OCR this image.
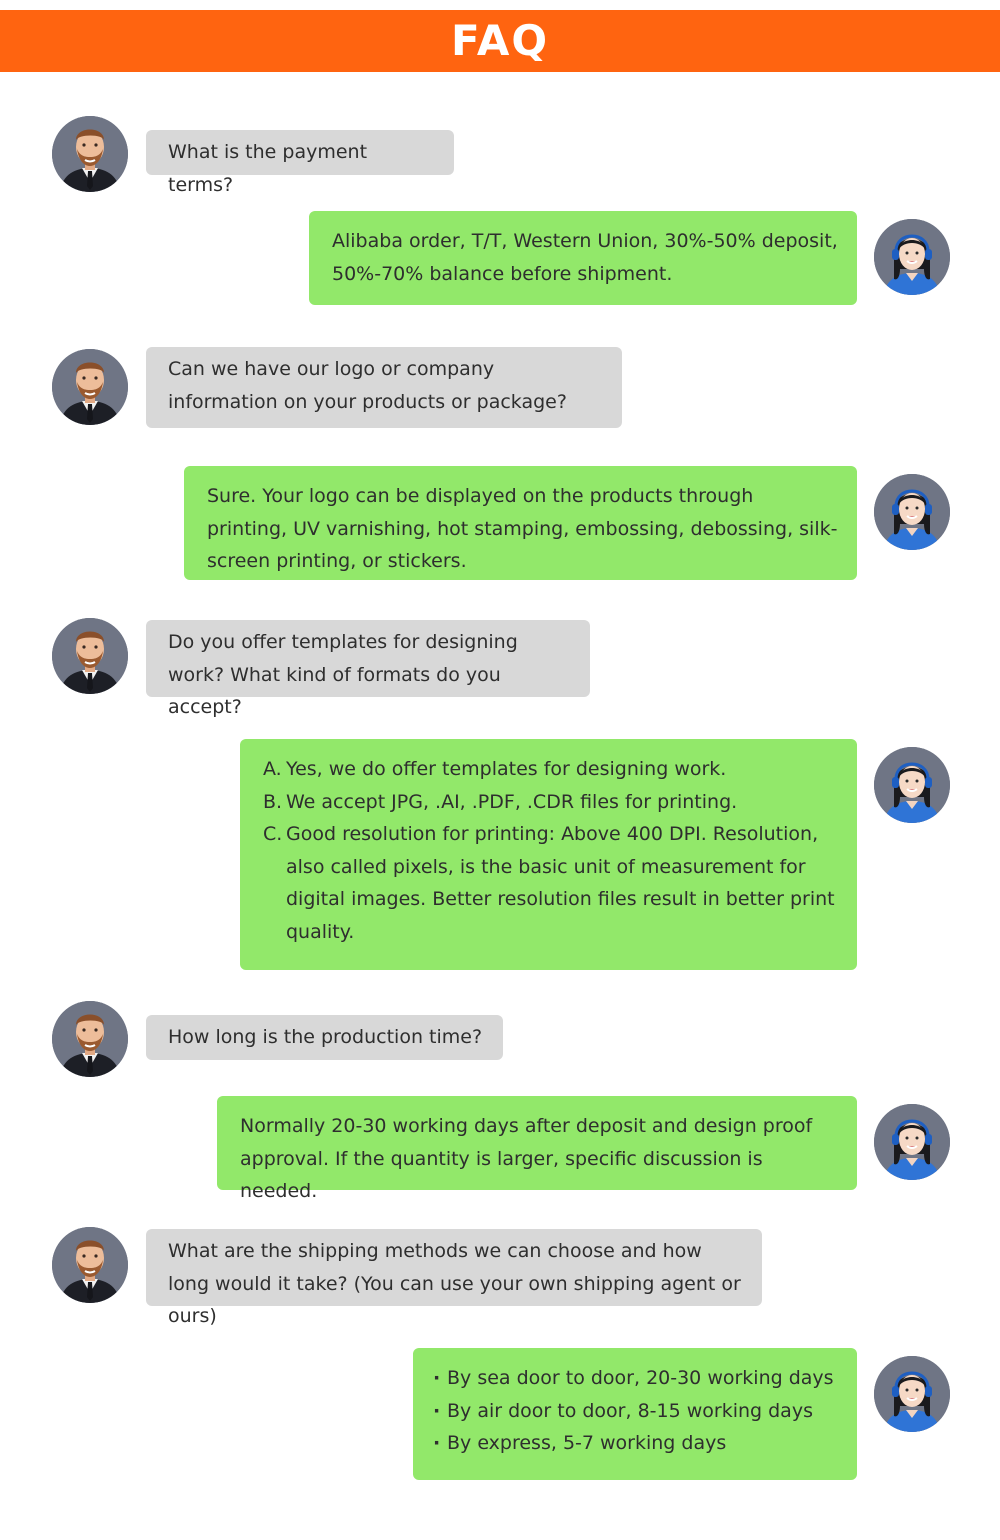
FAQ
What is the payment terms?
Alibaba order, T/T, Western Union, 30%-50% deposit, 50%-70% balance before shipment.
Can we have our logo or company information on your products or package?
Sure. Your logo can be displayed on the products through printing, UV varnishing, hot stamping, embossing, debossing, silk-screen printing, or stickers.
Do you offer templates for designing work? What kind of formats do you accept?
A. Yes, we do offer templates for designing work.
B. We accept JPG, .AI, .PDF, .CDR files for printing.
C. Good resolution for printing: Above 400 DPI. Resolution, also called pixels, is the basic unit of measurement for digital images. Better resolution files result in better print quality.
How long is the production time?
Normally 20-30 working days after deposit and design proof approval. If the quantity is larger, specific discussion is needed.
What are the shipping methods we can choose and how long would it take? (You can use your own shipping agent or ours)
· By sea door to door, 20-30 working days
· By air door to door, 8-15 working days
· By express, 5-7 working days
